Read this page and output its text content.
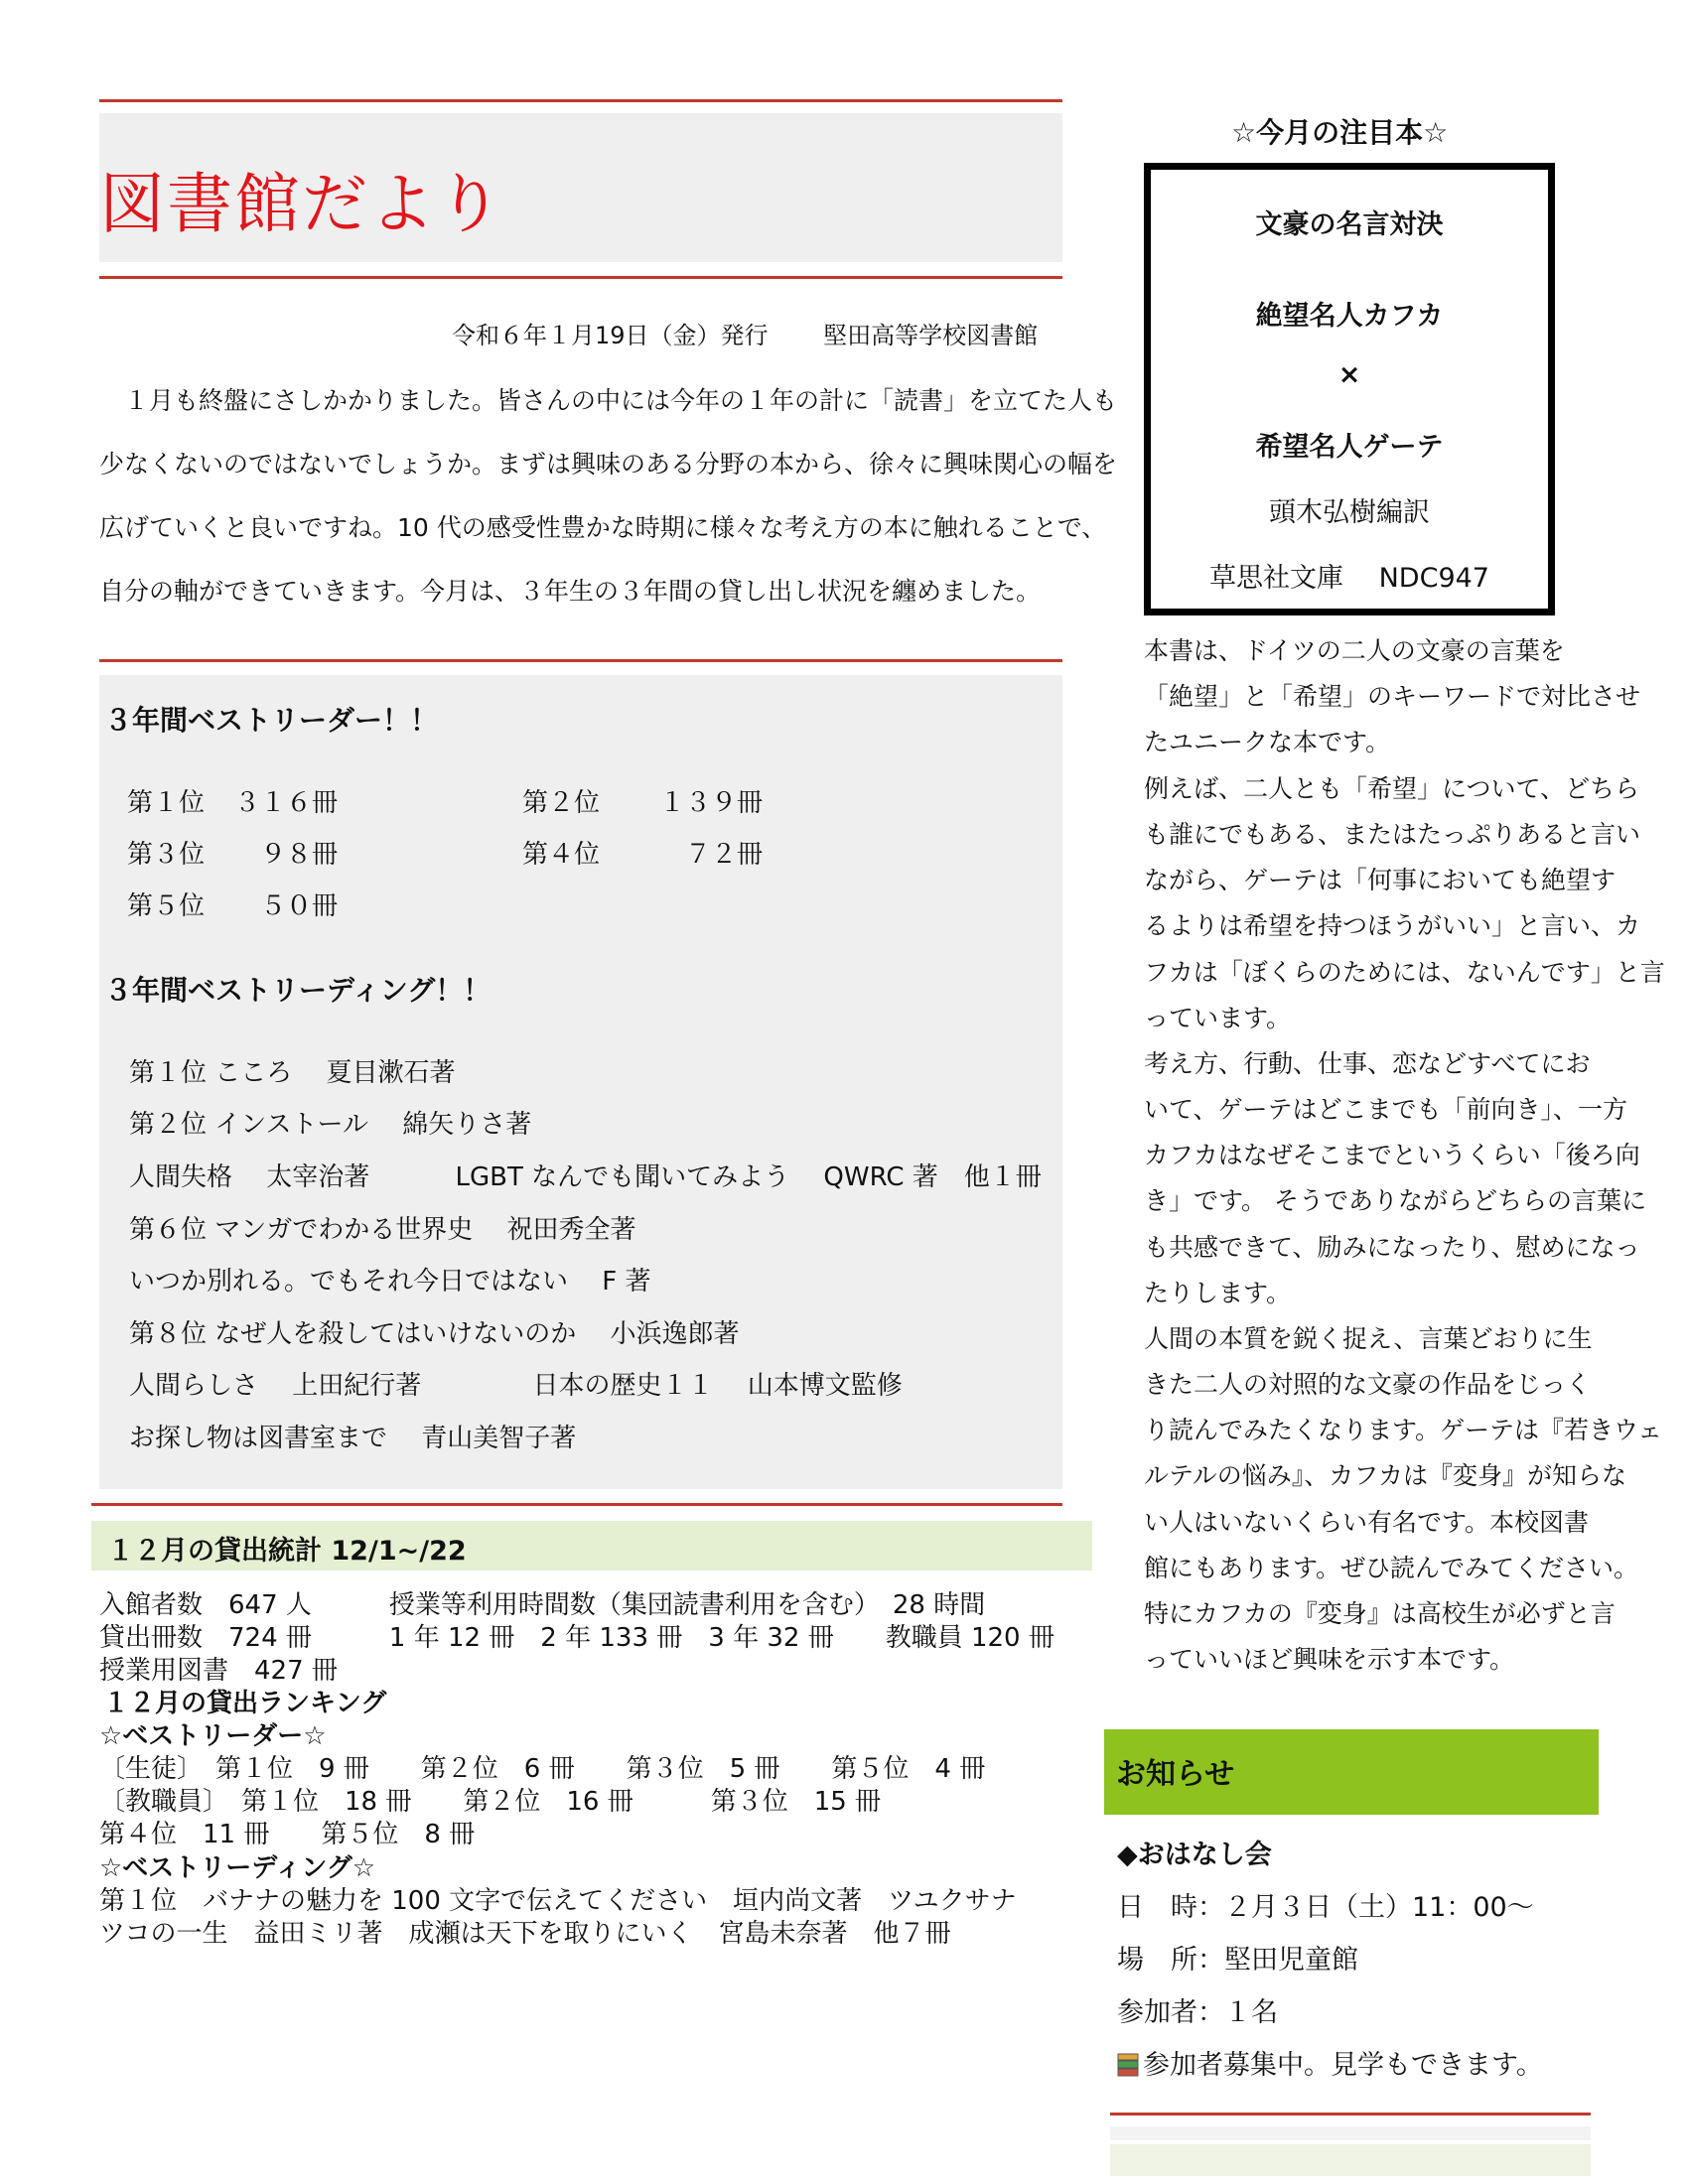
図書館だより
令和６年１月19日（金）発行　　 堅田高等学校図書館
　１月も終盤にさしかかりました。皆さんの中には今年の１年の計に「読書」を立てた人も
少なくないのではないでしょうか。まずは興味のある分野の本から、徐々に興味関心の幅を
広げていくと良いですね。10 代の感受性豊かな時期に様々な考え方の本に触れることで、
自分の軸ができていきます。今月は、３年生の３年間の貸し出し状況を纏めました。
３年間ベストリーダー！！
第１位 ３１６冊	第２位 １３９冊
第３位 ９８冊	第４位	７２冊
第５位 ５０冊
３年間ベストリーディング！！
第１位 こころ　 夏目漱石著
第２位 インストール　 綿矢りさ著
人間失格　 太宰治著　　　 LGBT なんでも聞いてみよう　 QWRC 著　他１冊
第６位 マンガでわかる世界史　 祝田秀全著
いつか別れる。でもそれ今日ではない　 F 著
第８位 なぜ人を殺してはいけないのか　 小浜逸郎著
人間らしさ　 上田紀行著　　　　 日本の歴史１１　 山本博文監修
お探し物は図書室まで　 青山美智子著
１２月の貸出統計 12/1~/22
入館者数　647 人　　　授業等利用時間数（集団読書利用を含む）　28 時間
貸出冊数　724 冊　　　1 年 12 冊　2 年 133 冊　3 年 32 冊　　教職員 120 冊
授業用図書　427 冊
１２月の貸出ランキング
☆ベストリーダー☆
〔生徒〕　第１位　9 冊　　第２位　6 冊　　第３位　5 冊　　第５位　4 冊
〔教職員〕　第１位　18 冊　　第２位　16 冊　　　第３位　15 冊
第４位　11 冊　　第５位　8 冊
☆ベストリーディング☆
第１位　バナナの魅力を 100 文字で伝えてください　垣内尚文著　ツユクサナ
ツコの一生　益田ミリ著　成瀬は天下を取りにいく　宮島未奈著　他７冊
☆今月の注目本☆
文豪の名言対決
絶望名人カフカ
×
希望名人ゲーテ
頭木弘樹編訳
草思社文庫　 NDC947
本書は、ドイツの二人の文豪の言葉を
「絶望」と「希望」のキーワードで対比させ
たユニークな本です。
例えば、二人とも「希望」について、どちら
も誰にでもある、またはたっぷりあると言い
ながら、ゲーテは「何事においても絶望す
るよりは希望を持つほうがいい」と言い、カ
フカは「ぼくらのためには、ないんです」と言
っています。
考え方、行動、仕事、恋などすべてにお
いて、ゲーテはどこまでも「前向き」、一方
カフカはなぜそこまでというくらい「後ろ向
き」です。 そうでありながらどちらの言葉に
も共感できて、励みになったり、慰めになっ
たりします。
人間の本質を鋭く捉え、言葉どおりに生
きた二人の対照的な文豪の作品をじっく
り読んでみたくなります。ゲーテは『若きウェ
ルテルの悩み』、カフカは『変身』が知らな
い人はいないくらい有名です。本校図書
館にもあります。ぜひ読んでみてください。
特にカフカの『変身』は高校生が必ずと言
っていいほど興味を示す本です。
お知らせ
◆おはなし会
日　時：２月３日（土）11：00～
場　所：堅田児童館
参加者：１名
参加者募集中。見学もできます。
